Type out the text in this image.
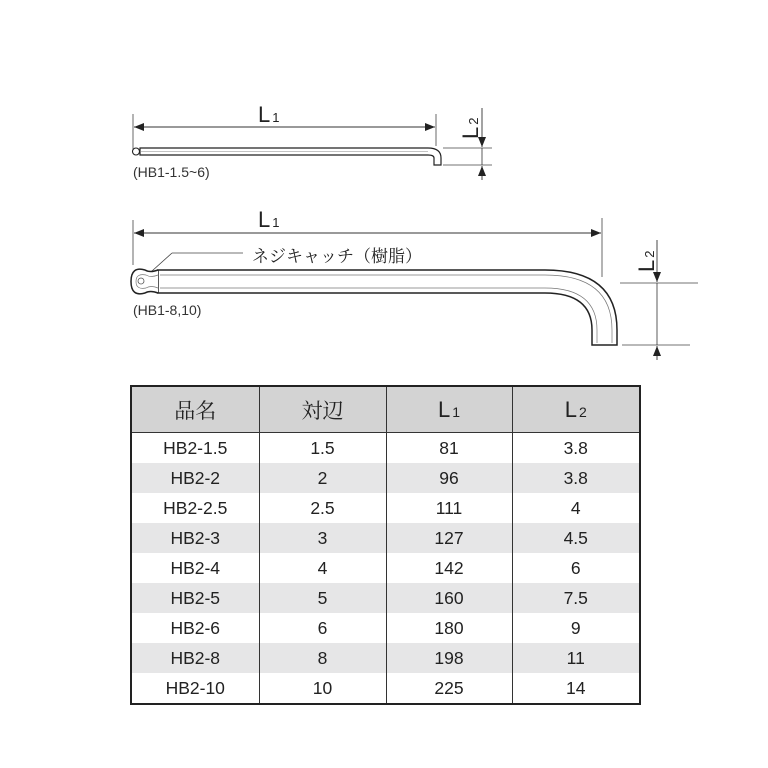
L 1
L2
(HB1-1.5~6)
L 1
ネジキャッチ（樹脂）	L2
(HB1-8,10)
品名	対辺	L 1	L 2
HB2-1.5	1.5	81	3.8
HB2-2	2	96	3.8
HB2-2.5	2.5	111	4
HB2-3	3	127	4.5
HB2-4	4	142	6
HB2-5	5	160	7.5
HB2-6	6	180	9
HB2-8	8	198	11
HB2-10	10	225	14
